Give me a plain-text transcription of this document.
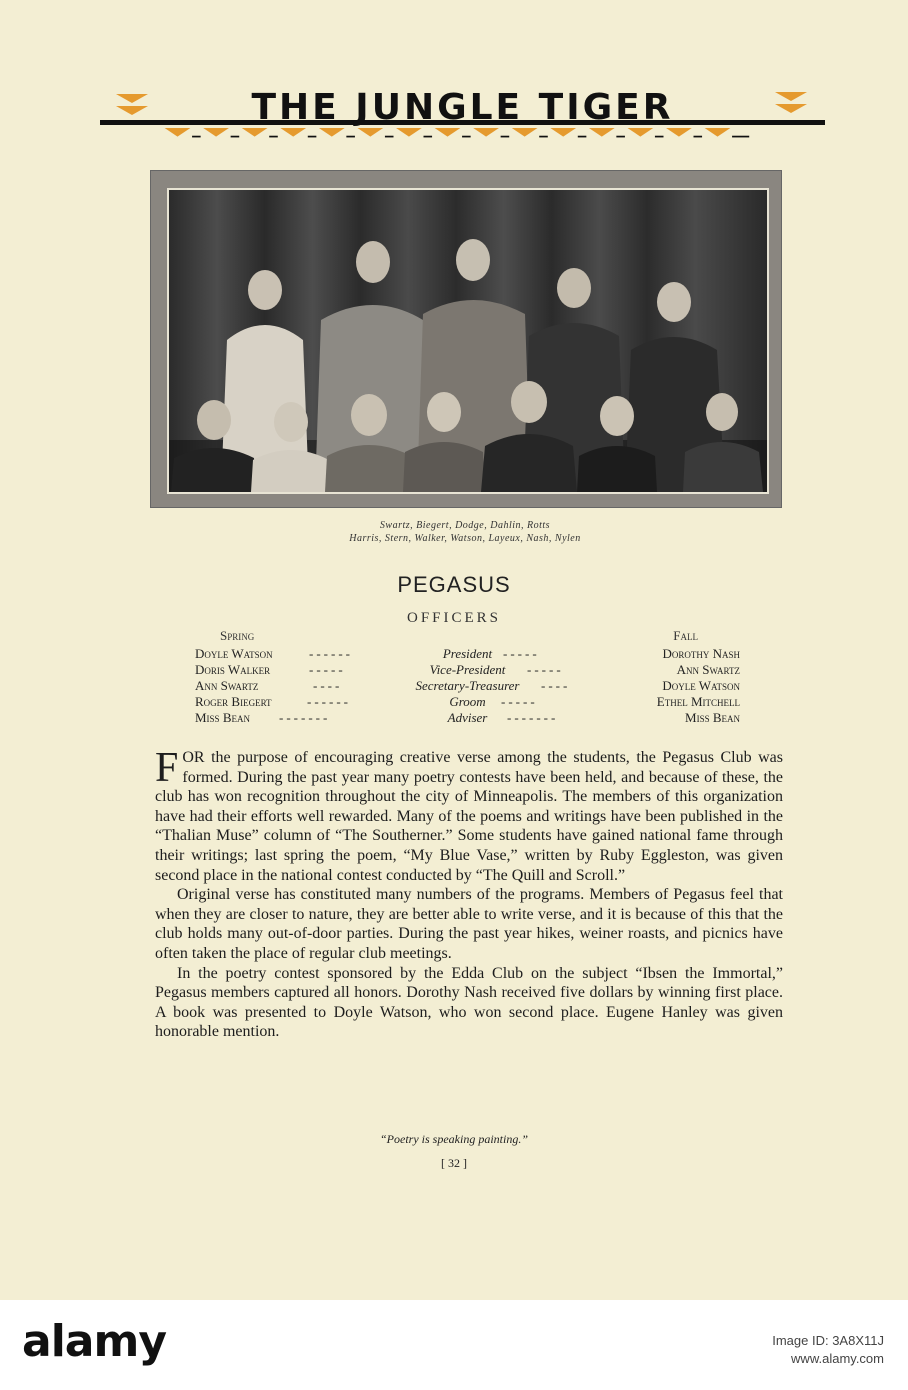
THE JUNGLE TIGER
Swartz, Biegert, Dodge, Dahlin, Rotts
Harris, Stern, Walker, Watson, Layeux, Nash, Nylen
PEGASUS
OFFICERS
Spring	Fall
Doyle Watson	------	President -----	Dorothy Nash
Doris Walker	-----	Vice-President	-----	Ann Swartz
Ann Swartz	----	Secretary-Treasurer	----	Doyle Watson
Roger Biegert	------	Groom	-----	Ethel Mitchell
Miss Bean -------	Adviser	-------	Miss Bean

FOR the purpose of encouraging creative verse among the students, the Pegasus Club was formed. During the past year many poetry contests have been held, and because of these, the club has won recognition throughout the city of Minneapolis. The members of this organization have had their efforts well rewarded. Many of the poems and writings have been published in the “Thalian Muse” column of “The Southerner.” Some students have gained national fame through their writings; last spring the poem, “My Blue Vase,” written by Ruby Eggleston, was given second place in the national contest conducted by “The Quill and Scroll.”

Original verse has constituted many numbers of the programs. Members of Pegasus feel that when they are closer to nature, they are better able to write verse, and it is because of this that the club holds many out-of-door parties. During the past year hikes, weiner roasts, and picnics have often taken the place of regular club meetings.

In the poetry contest sponsored by the Edda Club on the subject “Ibsen the Immortal,” Pegasus members captured all honors. Dorothy Nash received five dollars by winning first place. A book was presented to Doyle Watson, who won second place. Eugene Hanley was given honorable mention.

“Poetry is speaking painting.”
[ 32 ]
alamy	Image ID: 3A8X11J
www.alamy.com
